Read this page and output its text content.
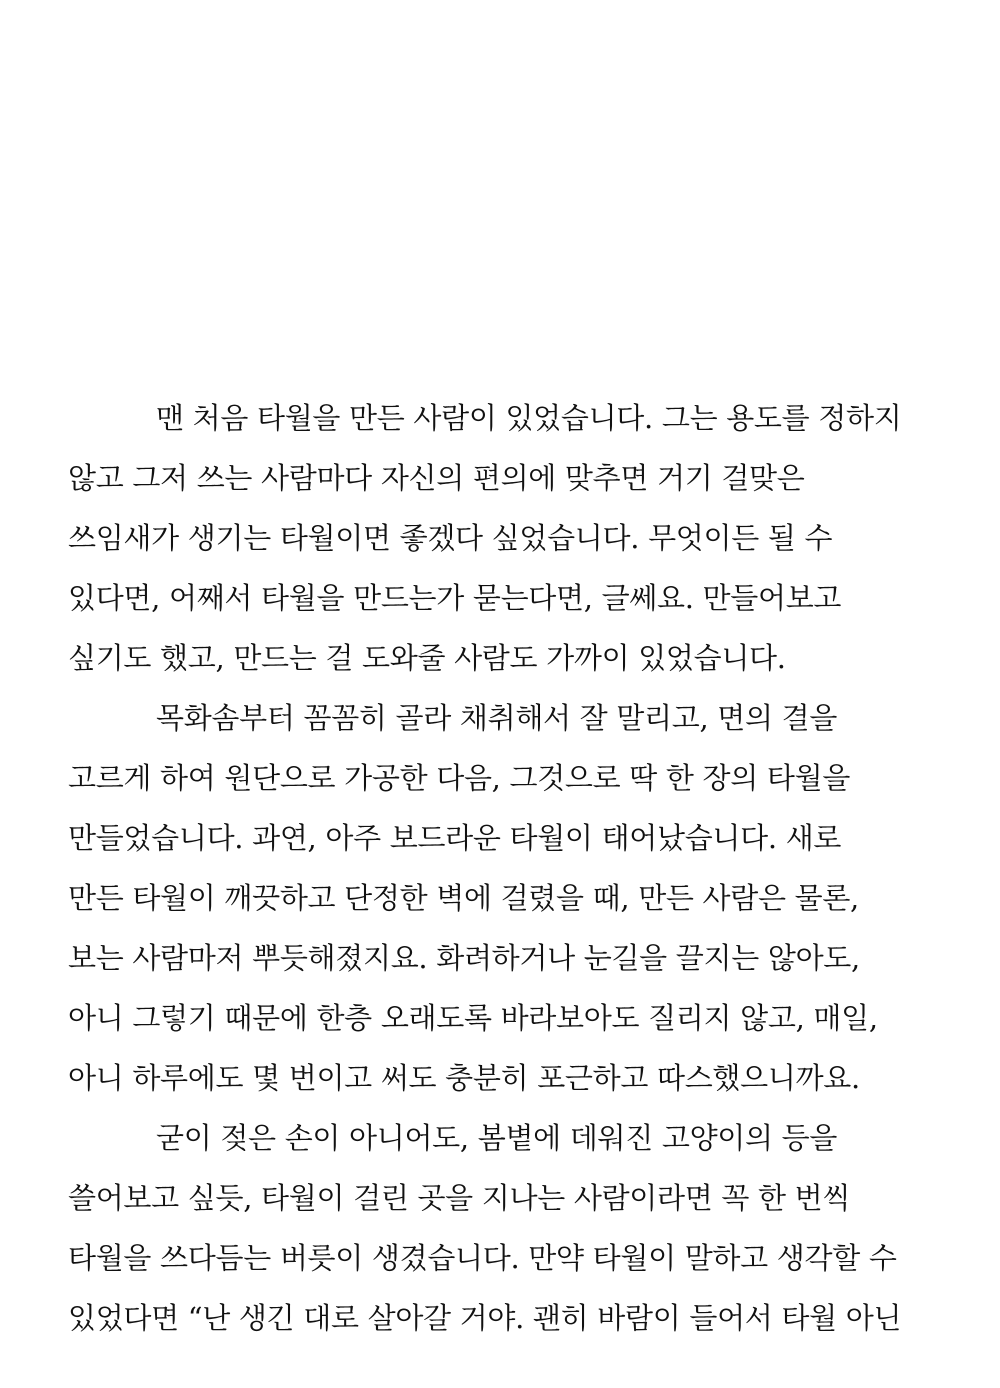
맨 처음 타월을 만든 사람이 있었습니다. 그는 용도를 정하지
않고 그저 쓰는 사람마다 자신의 편의에 맞추면 거기 걸맞은
쓰임새가 생기는 타월이면 좋겠다 싶었습니다. 무엇이든 될 수
있다면, 어째서 타월을 만드는가 묻는다면, 글쎄요. 만들어보고
싶기도 했고, 만드는 걸 도와줄 사람도 가까이 있었습니다.
목화솜부터 꼼꼼히 골라 채취해서 잘 말리고, 면의 결을
고르게 하여 원단으로 가공한 다음, 그것으로 딱 한 장의 타월을
만들었습니다. 과연, 아주 보드라운 타월이 태어났습니다. 새로
만든 타월이 깨끗하고 단정한 벽에 걸렸을 때, 만든 사람은 물론,
보는 사람마저 뿌듯해졌지요. 화려하거나 눈길을 끌지는 않아도,
아니 그렇기 때문에 한층 오래도록 바라보아도 질리지 않고, 매일,
아니 하루에도 몇 번이고 써도 충분히 포근하고 따스했으니까요.
굳이 젖은 손이 아니어도, 봄볕에 데워진 고양이의 등을
쓸어보고 싶듯, 타월이 걸린 곳을 지나는 사람이라면 꼭 한 번씩
타월을 쓰다듬는 버릇이 생겼습니다. 만약 타월이 말하고 생각할 수
있었다면 “난 생긴 대로 살아갈 거야. 괜히 바람이 들어서 타월 아닌
